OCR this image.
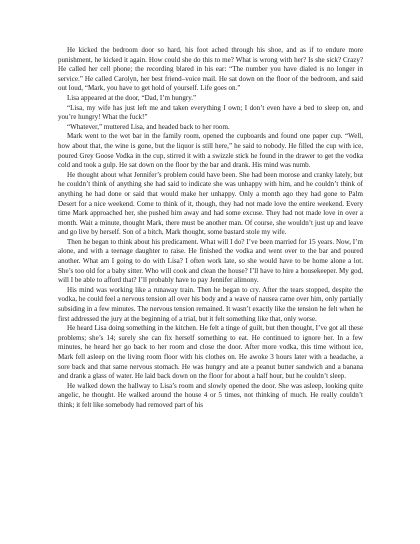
He kicked the bedroom door so hard, his foot ached through his shoe, and as if to endure more punishment, he kicked it again. How could she do this to me? What is wrong with her? Is she sick? Crazy? He called her cell phone; the recording blared in his ear: “The number you have dialed is no longer in service.” He called Carolyn, her best friend–voice mail. He sat down on the floor of the bedroom, and said out loud, “Mark, you have to get hold of yourself. Life goes on.”

Lisa appeared at the door, “Dad, I’m hungry.”

“Lisa, my wife has just left me and taken everything I own; I don’t even have a bed to sleep on, and you’re hungry! What the fuck!”

“Whatever,” muttered Lisa, and headed back to her room.

Mark went to the wet bar in the family room, opened the cupboards and found one paper cup. “Well, how about that, the wine is gone, but the liquor is still here,” he said to nobody. He filled the cup with ice, poured Grey Goose Vodka in the cup, stirred it with a swizzle stick he found in the drawer to get the vodka cold and took a gulp. He sat down on the floor by the bar and drank. His mind was numb.

He thought about what Jennifer’s problem could have been. She had been morose and cranky lately, but he couldn’t think of anything she had said to indicate she was unhappy with him, and he couldn’t think of anything he had done or said that would make her unhappy. Only a month ago they had gone to Palm Desert for a nice weekend. Come to think of it, though, they had not made love the entire weekend. Every time Mark approached her, she pushed him away and had some excuse. They had not made love in over a month. Wait a minute, thought Mark, there must be another man. Of course, she wouldn’t just up and leave and go live by herself. Son of a bitch, Mark thought, some bastard stole my wife.

Then he began to think about his predicament. What will I do? I’ve been married for 15 years. Now, I’m alone, and with a teenage daughter to raise. He finished the vodka and went over to the bar and poured another. What am I going to do with Lisa? I often work late, so she would have to be home alone a lot. She’s too old for a baby sitter. Who will cook and clean the house? I’ll have to hire a housekeeper. My god, will I be able to afford that? I’ll probably have to pay Jennifer alimony.

His mind was working like a runaway train. Then he began to cry. After the tears stopped, despite the vodka, he could feel a nervous tension all over his body and a wave of nausea came over him, only partially subsiding in a few minutes. The nervous tension remained. It wasn’t exactly like the tension he felt when he first addressed the jury at the beginning of a trial, but it felt something like that, only worse.

He heard Lisa doing something in the kitchen. He felt a tinge of guilt, but then thought, I’ve got all these problems; she’s 14; surely she can fix herself something to eat. He continued to ignore her. In a few minutes, he heard her go back to her room and close the door. After more vodka, this time without ice, Mark fell asleep on the living room floor with his clothes on. He awoke 3 hours later with a headache, a sore back and that same nervous stomach. He was hungry and ate a peanut butter sandwich and a banana and drank a glass of water. He laid back down on the floor for about a half hour, but he couldn’t sleep.

He walked down the hallway to Lisa’s room and slowly opened the door. She was asleep, looking quite angelic, he thought. He walked around the house 4 or 5 times, not thinking of much. He really couldn’t think; it felt like somebody had removed part of his
